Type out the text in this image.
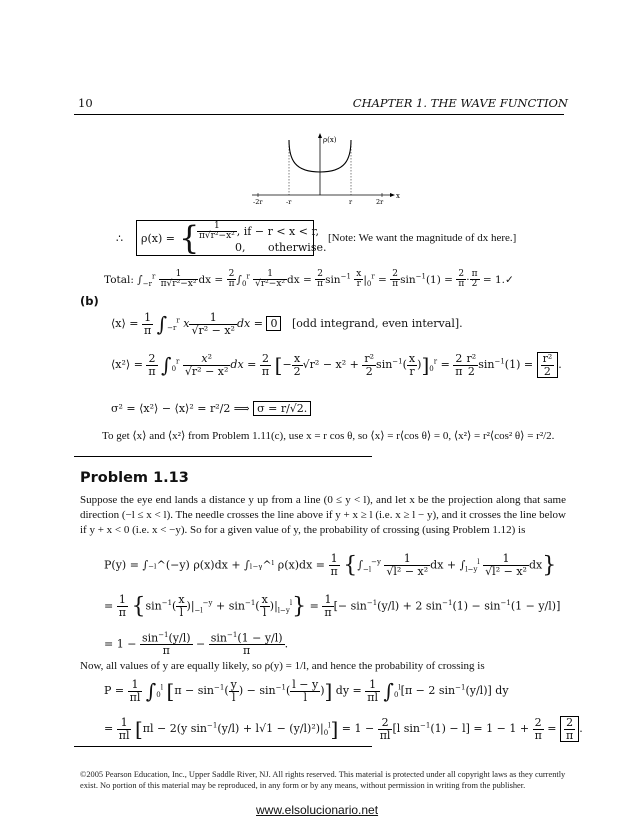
10	CHAPTER 1. THE WAVE FUNCTION
ρ(x)
x
-2r	-r	r	2r
∴ ρ(x) = {
$\frac{1}{\text{π√r²−x²}}$ , if − r < x < r,
0, otherwise.
[Note: We want the magnitude of dx here.]
Total: $\int_{-r}^r \frac{1}{\text{π√r²−x²}}$ dx = $\frac{2}{\pi} \int_0^r \frac{1}{\text{√r²−x²}}$ dx = $\frac{2}{\pi} \sin^{-1} \frac{x}{r} |_0^r = \frac{2}{\pi} \sin^{-1}(1) = \frac{2}{\pi} \cdot \frac{\pi}{2}$ = 1.✓
(b)
⟨x⟩ = $\frac{1}{\pi} \int_{-r}^r$ x $\frac{1}{\text{√r² − x²}}$ dx = 0 [odd integrand, even interval].
⟨x²⟩ = $\frac{2}{\pi} \int_0^r \frac{\text{x²}}{\text{√r² − x²}}$ dx = $\frac{2}{\pi}$ [− $\frac{x}{2} √r^2 - x^2 + \frac{\text{r²}}{2} \sin^{-1}( \frac{x}{r} )]_0^r = \frac{2}{\pi} \frac{\text{r²}}{2} \sin^{-1}(1) = \frac{\text{r²}}{2}$ .
σ² = ⟨x²⟩ − ⟨x⟩² = r²/2 ⟹ σ = r/√2.
To get ⟨x⟩ and ⟨x²⟩ from Problem 1.11(c), use x = r cos θ, so ⟨x⟩ = r⟨cos θ⟩ = 0, ⟨x²⟩ = r²⟨cos² θ⟩ = r²/2.
Problem 1.13
Suppose the eye end lands a distance y up from a line (0 ≤ y < l), and let x be the projection along that same direction (−l ≤ x < l). The needle crosses the line above if y + x ≥ l (i.e. x ≥ l − y), and it crosses the line below if y + x < 0 (i.e. x < −y). So for a given value of y, the probability of crossing (using Problem 1.12) is
P(y) = ∫₋ₗ^(−y) ρ(x)dx + ∫ₗ₋ᵧ^ˡ $\rho(x)dx = \frac{1}{\pi} \{\int_{-l}^{-y} \frac{1}{\text{√l² − x²}}$ dx + $\int_{l-y}^l \frac{1}{\text{√l² − x²}} dx$}
= $\frac{1}{\pi} \{\sin^{-1}( \frac{x}{l} )|_{-l}^{-y} + \sin^{-1}( \frac{x}{l} )|_{l-y}^l\} = \frac{1}{\pi}$ [− $\sin^{-1}(y/l) + 2$ $\sin^{-1}(1) - \sin^{-1}(1 - y/l)$]
= $1 - \frac{\sin^{-1}(y/l)}{\pi} - \frac{\sin^{-1}(1 - y/l)}{\pi}$ .
Now, all values of y are equally likely, so ρ(y) = 1/l, and hence the probability of crossing is
$P = \frac{1}{\pi l} \int_0^l$ [$\pi - \sin^{-1}( \frac{y}{l}$ ) − $\sin^{-1}( \frac{l - y}{l}$ )] dy = $\frac{1}{\pi l} \int_0^l[\pi - 2$ $\sin^{-1}(y/l)$] dy
= $\frac{1}{\pi l} [\pi l - 2(y$ $\sin^{-1}(y/l) + l√1 - (y/l)^2)|_0^l] = 1 - \frac{2}{\pi l} [l$ $\sin^{-1}(1) - l] = 1 - 1 + \frac{2}{\pi} = \frac{2}{\pi}$ .
©2005 Pearson Education, Inc., Upper Saddle River, NJ. All rights reserved. This material is protected under all copyright laws as they currently exist. No portion of this material may be reproduced, in any form or by any means, without permission in writing from the publisher.
www.elsolucionario.net
